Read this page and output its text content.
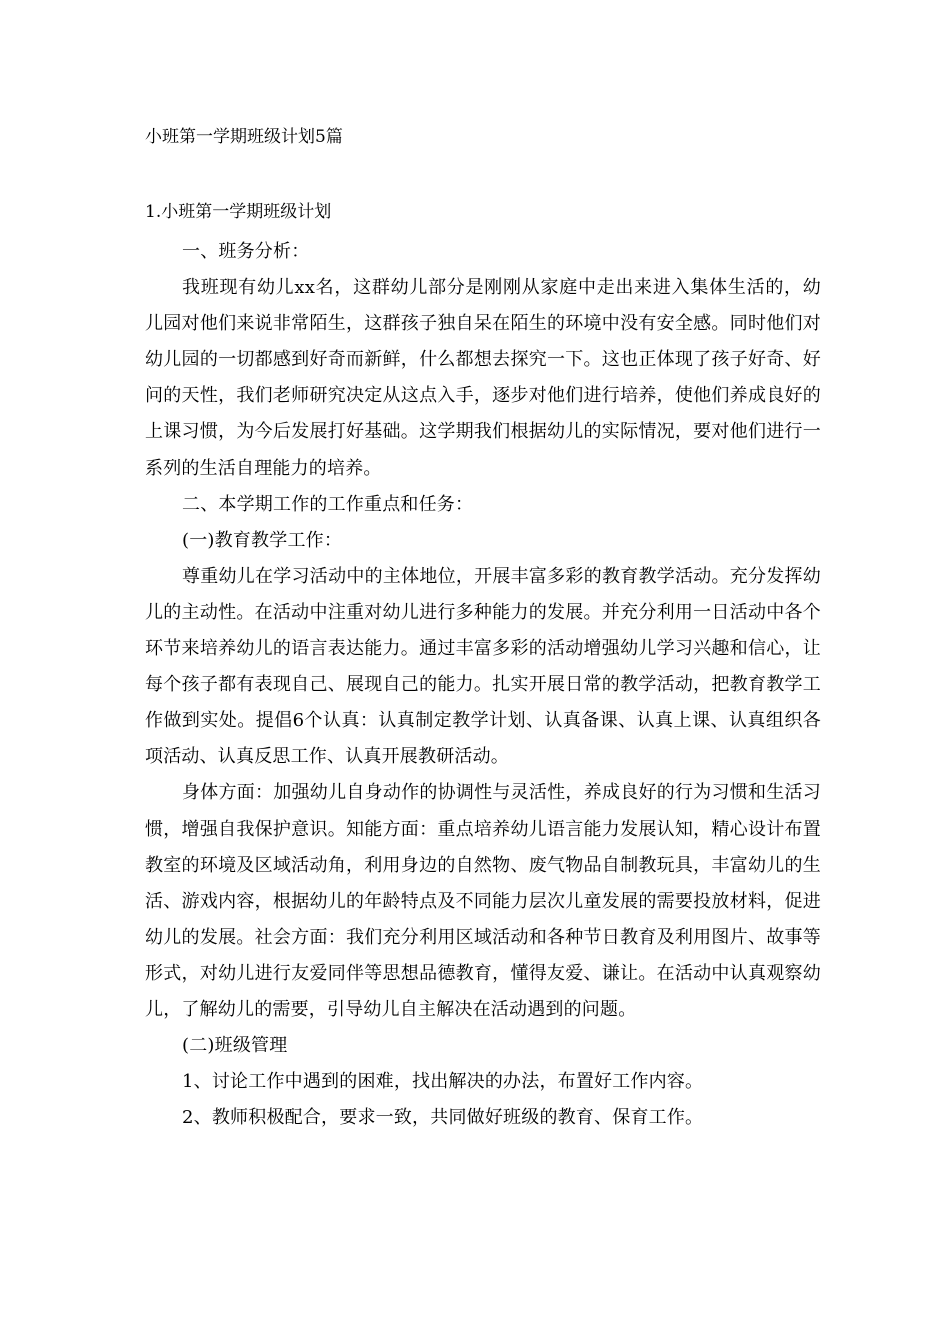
小班第一学期班级计划5篇
1.小班第一学期班级计划

一、班务分析：

我班现有幼儿xx名，这群幼儿部分是刚刚从家庭中走出来进入集体生活的，幼儿园对他们来说非常陌生，这群孩子独自呆在陌生的环境中没有安全感。同时他们对幼儿园的一切都感到好奇而新鲜，什么都想去探究一下。这也正体现了孩子好奇、好问的天性，我们老师研究决定从这点入手，逐步对他们进行培养，使他们养成良好的上课习惯，为今后发展打好基础。这学期我们根据幼儿的实际情况，要对他们进行一系列的生活自理能力的培养。

二、本学期工作的工作重点和任务：

(一)教育教学工作：

尊重幼儿在学习活动中的主体地位，开展丰富多彩的教育教学活动。充分发挥幼儿的主动性。在活动中注重对幼儿进行多种能力的发展。并充分利用一日活动中各个环节来培养幼儿的语言表达能力。通过丰富多彩的活动增强幼儿学习兴趣和信心，让每个孩子都有表现自己、展现自己的能力。扎实开展日常的教学活动，把教育教学工作做到实处。提倡6个认真：认真制定教学计划、认真备课、认真上课、认真组织各项活动、认真反思工作、认真开展教研活动。

身体方面：加强幼儿自身动作的协调性与灵活性，养成良好的行为习惯和生活习惯，增强自我保护意识。知能方面：重点培养幼儿语言能力发展认知，精心设计布置教室的环境及区域活动角，利用身边的自然物、废气物品自制教玩具，丰富幼儿的生活、游戏内容，根据幼儿的年龄特点及不同能力层次儿童发展的需要投放材料，促进幼儿的发展。社会方面：我们充分利用区域活动和各种节日教育及利用图片、故事等形式，对幼儿进行友爱同伴等思想品德教育，懂得友爱、谦让。在活动中认真观察幼儿，了解幼儿的需要，引导幼儿自主解决在活动遇到的问题。

(二)班级管理

1、讨论工作中遇到的困难，找出解决的办法，布置好工作内容。

2、教师积极配合，要求一致，共同做好班级的教育、保育工作。
